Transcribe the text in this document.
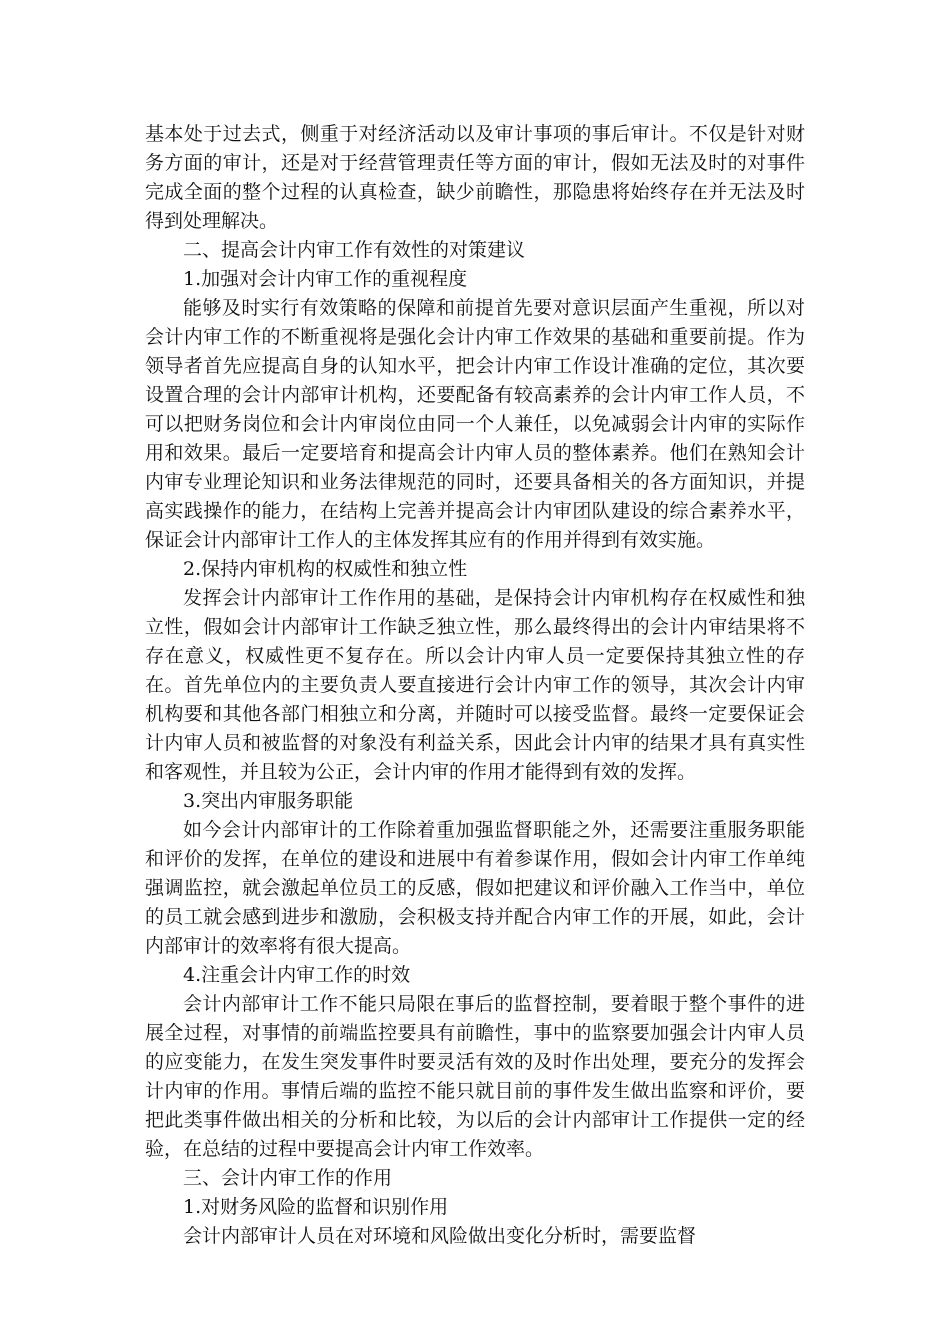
基本处于过去式，侧重于对经济活动以及审计事项的事后审计。不仅是针对财务方面的审计，还是对于经营管理责任等方面的审计，假如无法及时的对事件完成全面的整个过程的认真检查，缺少前瞻性，那隐患将始终存在并无法及时得到处理解决。

二、提高会计内审工作有效性的对策建议

1.加强对会计内审工作的重视程度

能够及时实行有效策略的保障和前提首先要对意识层面产生重视，所以对会计内审工作的不断重视将是强化会计内审工作效果的基础和重要前提。作为领导者首先应提高自身的认知水平，把会计内审工作设计准确的定位，其次要设置合理的会计内部审计机构，还要配备有较高素养的会计内审工作人员，不可以把财务岗位和会计内审岗位由同一个人兼任，以免减弱会计内审的实际作用和效果。最后一定要培育和提高会计内审人员的整体素养。他们在熟知会计内审专业理论知识和业务法律规范的同时，还要具备相关的各方面知识，并提高实践操作的能力，在结构上完善并提高会计内审团队建设的综合素养水平，保证会计内部审计工作人的主体发挥其应有的作用并得到有效实施。

2.保持内审机构的权威性和独立性

发挥会计内部审计工作作用的基础，是保持会计内审机构存在权威性和独立性，假如会计内部审计工作缺乏独立性，那么最终得出的会计内审结果将不存在意义，权威性更不复存在。所以会计内审人员一定要保持其独立性的存在。首先单位内的主要负责人要直接进行会计内审工作的领导，其次会计内审机构要和其他各部门相独立和分离，并随时可以接受监督。最终一定要保证会计内审人员和被监督的对象没有利益关系，因此会计内审的结果才具有真实性和客观性，并且较为公正，会计内审的作用才能得到有效的发挥。

3.突出内审服务职能

如今会计内部审计的工作除着重加强监督职能之外，还需要注重服务职能和评价的发挥，在单位的建设和进展中有着参谋作用，假如会计内审工作单纯强调监控，就会激起单位员工的反感，假如把建议和评价融入工作当中，单位的员工就会感到进步和激励，会积极支持并配合内审工作的开展，如此，会计内部审计的效率将有很大提高。

4.注重会计内审工作的时效

会计内部审计工作不能只局限在事后的监督控制，要着眼于整个事件的进展全过程，对事情的前端监控要具有前瞻性，事中的监察要加强会计内审人员的应变能力，在发生突发事件时要灵活有效的及时作出处理，要充分的发挥会计内审的作用。事情后端的监控不能只就目前的事件发生做出监察和评价，要把此类事件做出相关的分析和比较，为以后的会计内部审计工作提供一定的经验，在总结的过程中要提高会计内审工作效率。

三、会计内审工作的作用

1.对财务风险的监督和识别作用

会计内部审计人员在对环境和风险做出变化分析时，需要监督
